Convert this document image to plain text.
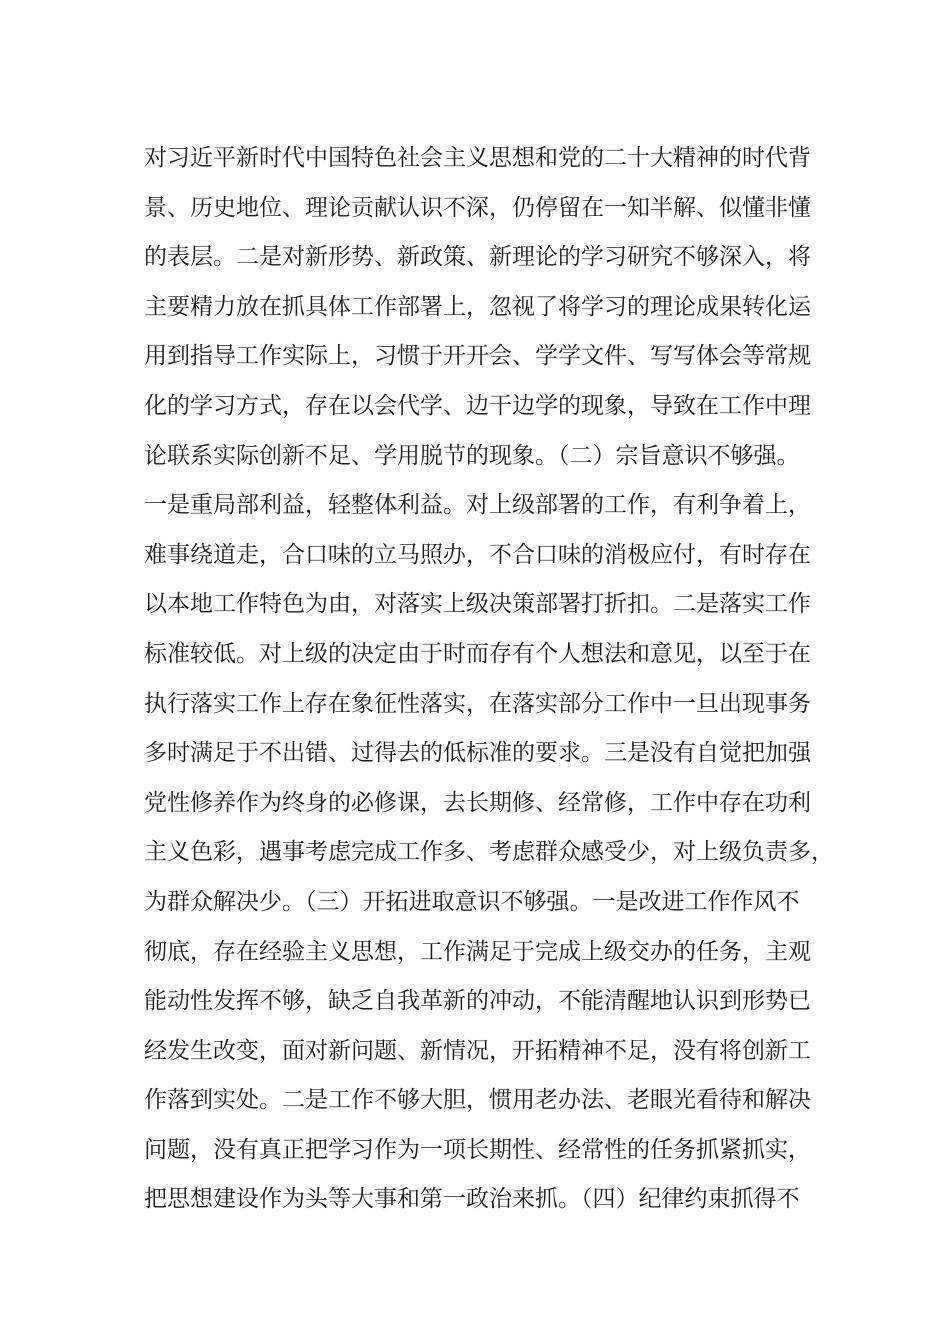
对习近平新时代中国特色社会主义思想和党的二十大精神的时代背
景、历史地位、理论贡献认识不深，仍停留在一知半解、似懂非懂
的表层。二是对新形势、新政策、新理论的学习研究不够深入，将
主要精力放在抓具体工作部署上，忽视了将学习的理论成果转化运
用到指导工作实际上，习惯于开开会、学学文件、写写体会等常规
化的学习方式，存在以会代学、边干边学的现象，导致在工作中理
论联系实际创新不足、学用脱节的现象。（二）宗旨意识不够强。
一是重局部利益，轻整体利益。对上级部署的工作，有利争着上，
难事绕道走，合口味的立马照办，不合口味的消极应付，有时存在
以本地工作特色为由，对落实上级决策部署打折扣。二是落实工作
标准较低。对上级的决定由于时而存有个人想法和意见，以至于在
执行落实工作上存在象征性落实，在落实部分工作中一旦出现事务
多时满足于不出错、过得去的低标准的要求。三是没有自觉把加强
党性修养作为终身的必修课，去长期修、经常修，工作中存在功利
主义色彩，遇事考虑完成工作多、考虑群众感受少，对上级负责多，
为群众解决少。（三）开拓进取意识不够强。一是改进工作作风不
彻底，存在经验主义思想，工作满足于完成上级交办的任务，主观
能动性发挥不够，缺乏自我革新的冲动，不能清醒地认识到形势已
经发生改变，面对新问题、新情况，开拓精神不足，没有将创新工
作落到实处。二是工作不够大胆，惯用老办法、老眼光看待和解决
问题，没有真正把学习作为一项长期性、经常性的任务抓紧抓实，
把思想建设作为头等大事和第一政治来抓。（四）纪律约束抓得不
